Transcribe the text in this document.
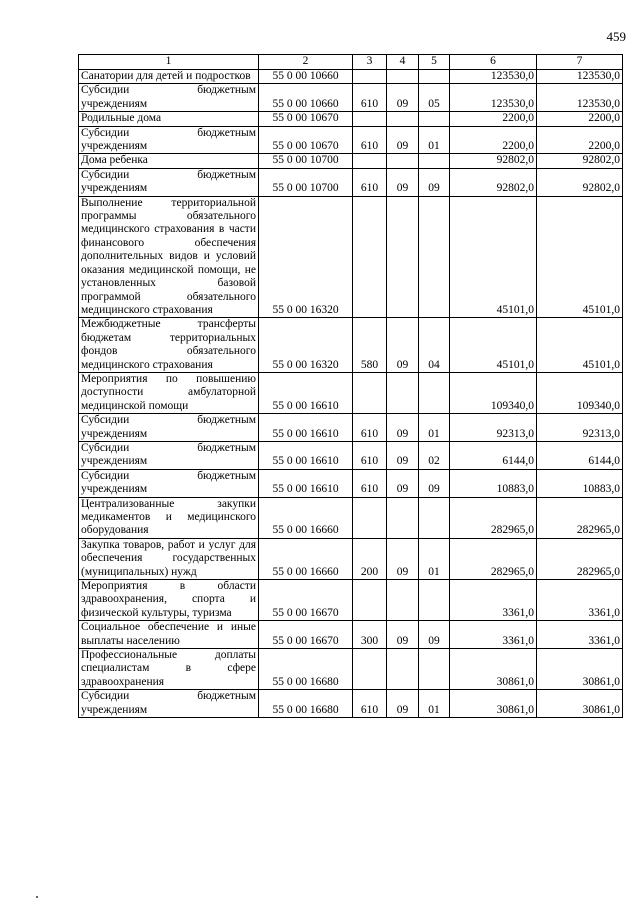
459
1	2	3	4	5	6	7
Санатории для детей и подростков	55 0 00 10660				123530,0	123530,0
Субсидии бюджетным учреждениям	55 0 00 10660	610	09	05	123530,0	123530,0
Родильные дома	55 0 00 10670				2200,0	2200,0
Субсидии бюджетным учреждениям	55 0 00 10670	610	09	01	2200,0	2200,0
Дома ребенка	55 0 00 10700				92802,0	92802,0
Субсидии бюджетным учреждениям	55 0 00 10700	610	09	09	92802,0	92802,0
Выполнение территориальной программы обязательного медицинского страхования в части финансового обеспечения дополнительных видов и условий оказания медицинской помощи, не установленных базовой программой обязательного медицинского страхования	55 0 00 16320				45101,0	45101,0
Межбюджетные трансферты бюджетам территориальных фондов обязательного медицинского страхования	55 0 00 16320	580	09	04	45101,0	45101,0
Мероприятия по повышению доступности амбулаторной медицинской помощи	55 0 00 16610				109340,0	109340,0
Субсидии бюджетным учреждениям	55 0 00 16610	610	09	01	92313,0	92313,0
Субсидии бюджетным учреждениям	55 0 00 16610	610	09	02	6144,0	6144,0
Субсидии бюджетным учреждениям	55 0 00 16610	610	09	09	10883,0	10883,0
Централизованные закупки медикаментов и медицинского оборудования	55 0 00 16660				282965,0	282965,0
Закупка товаров, работ и услуг для обеспечения государственных (муниципальных) нужд	55 0 00 16660	200	09	01	282965,0	282965,0
Мероприятия в области здравоохранения, спорта и физической культуры, туризма	55 0 00 16670				3361,0	3361,0
Социальное обеспечение и иные выплаты населению	55 0 00 16670	300	09	09	3361,0	3361,0
Профессиональные доплаты специалистам в сфере здравоохранения	55 0 00 16680				30861,0	30861,0
Субсидии бюджетным учреждениям	55 0 00 16680	610	09	01	30861,0	30861,0
